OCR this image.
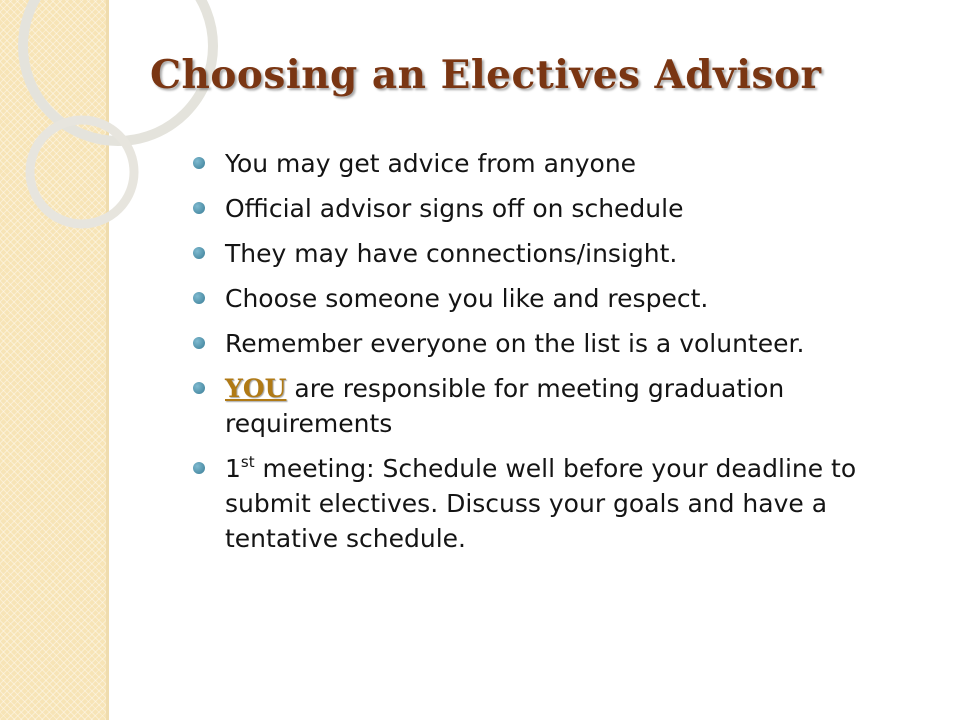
Choosing an Electives Advisor
You may get advice from anyone
Official advisor signs off on schedule
They may have connections/insight.
Choose someone you like and respect.
Remember everyone on the list is a volunteer.
YOU are responsible for meeting graduation requirements
1st meeting: Schedule well before your deadline to submit electives. Discuss your goals and have a tentative schedule.
